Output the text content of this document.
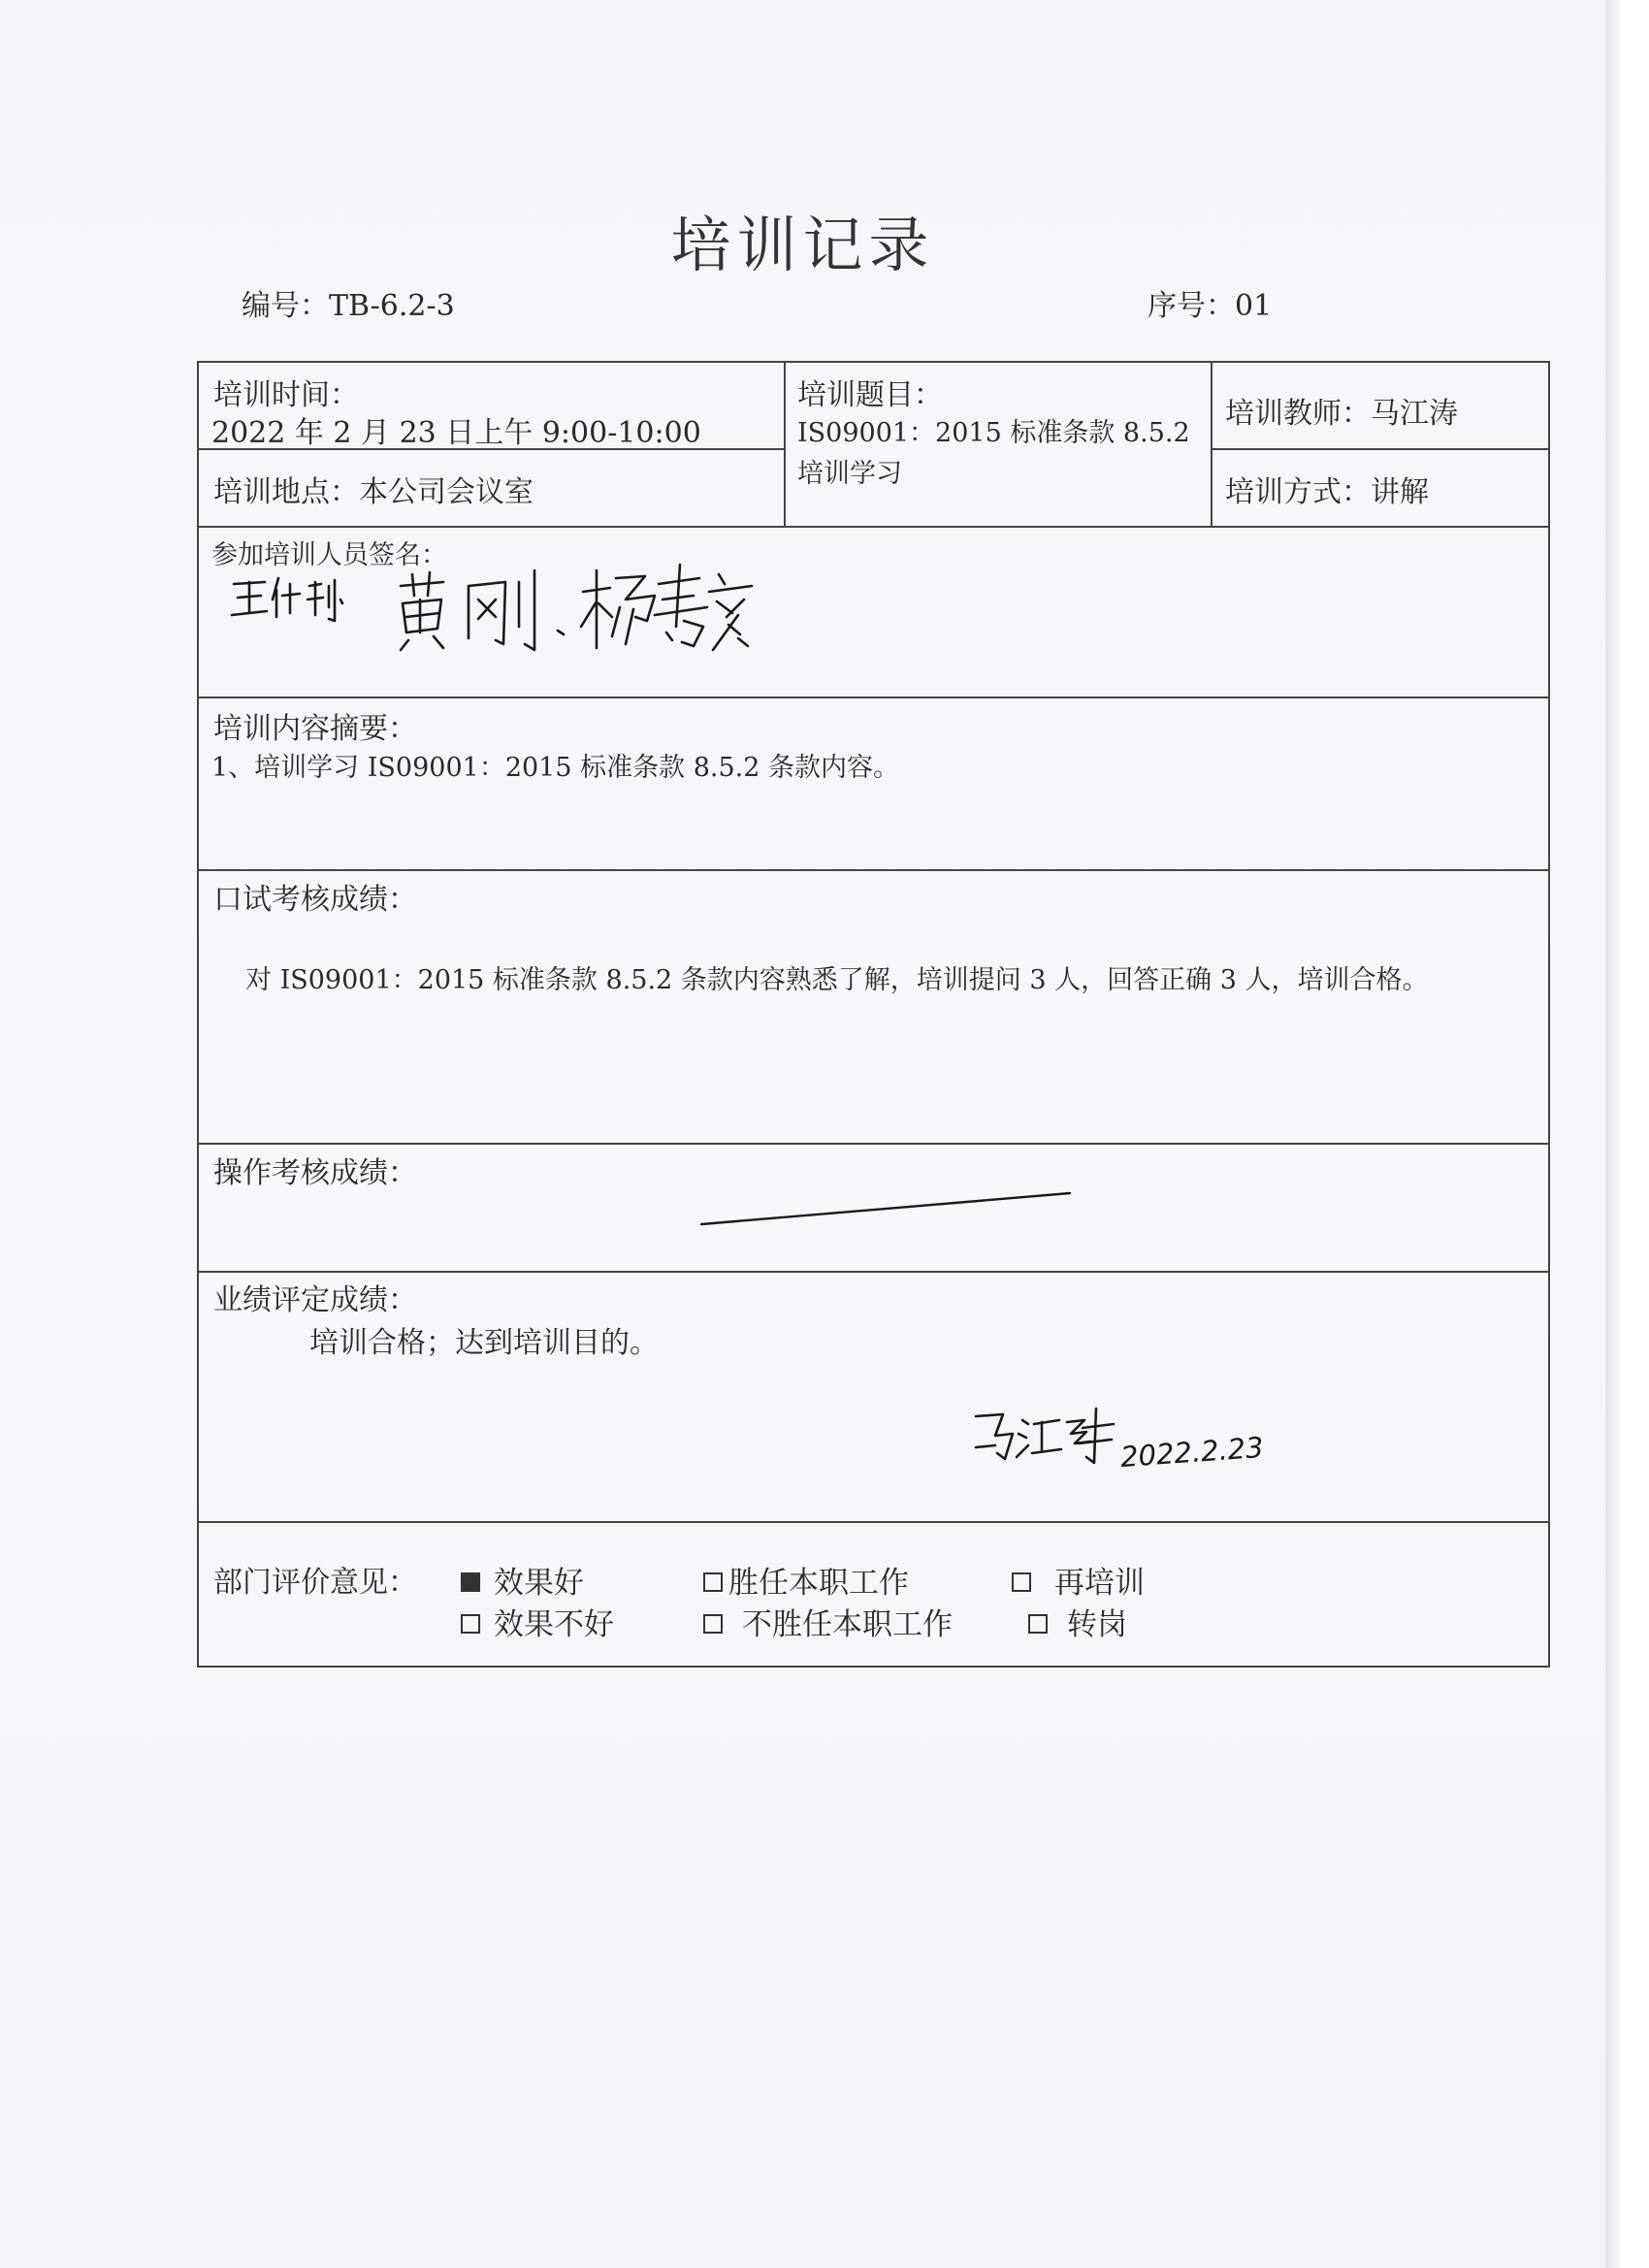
培训记录
编号：TB-6.2-3	序号：01
培训时间：
2022 年 2 月 23 日上午 9:00-10:00
培训地点：本公司会议室
培训题目：
IS09001：2015 标准条款 8.5.2
培训学习
培训教师：马江涛
培训方式：讲解
参加培训人员签名：
培训内容摘要：
1、培训学习 IS09001：2015 标准条款 8.5.2 条款内容。
口试考核成绩：
对 IS09001：2015 标准条款 8.5.2 条款内容熟悉了解，培训提问 3 人，回答正确 3 人，培训合格。
操作考核成绩：
业绩评定成绩：
培训合格；达到培训目的。
2022.2.23
部门评价意见：	效果好	胜任本职工作	再培训
效果不好	不胜任本职工作	转岗
